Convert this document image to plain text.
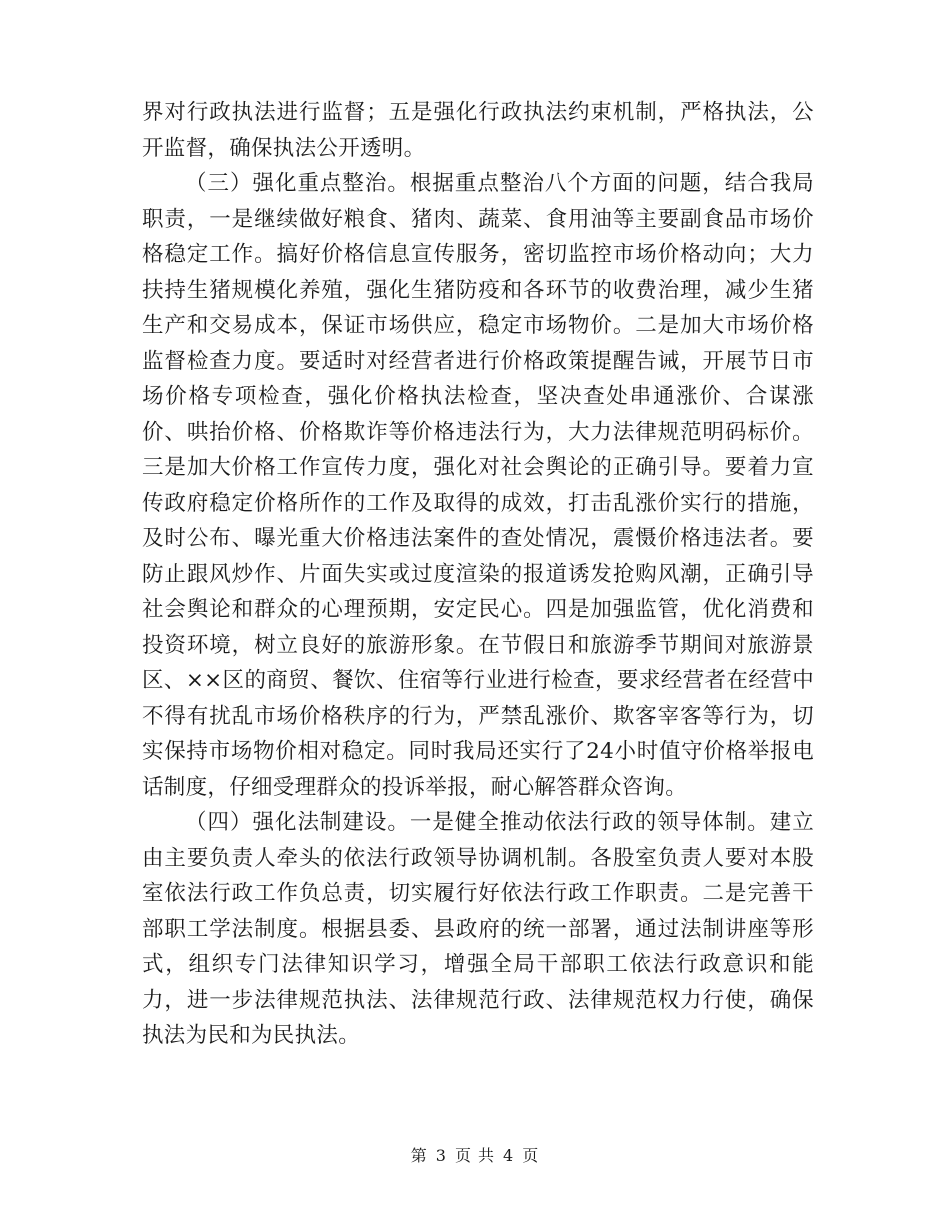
界对行政执法进行监督；五是强化行政执法约束机制，严格执法，公开监督，确保执法公开透明。

（三）强化重点整治。根据重点整治八个方面的问题，结合我局职责，一是继续做好粮食、猪肉、蔬菜、食用油等主要副食品市场价格稳定工作。搞好价格信息宣传服务，密切监控市场价格动向；大力扶持生猪规模化养殖，强化生猪防疫和各环节的收费治理，减少生猪生产和交易成本，保证市场供应，稳定市场物价。二是加大市场价格监督检查力度。要适时对经营者进行价格政策提醒告诫，开展节日市场价格专项检查，强化价格执法检查，坚决查处串通涨价、合谋涨价、哄抬价格、价格欺诈等价格违法行为，大力法律规范明码标价。三是加大价格工作宣传力度，强化对社会舆论的正确引导。要着力宣传政府稳定价格所作的工作及取得的成效，打击乱涨价实行的措施，及时公布、曝光重大价格违法案件的查处情况，震慑价格违法者。要防止跟风炒作、片面失实或过度渲染的报道诱发抢购风潮，正确引导社会舆论和群众的心理预期，安定民心。四是加强监管，优化消费和投资环境，树立良好的旅游形象。在节假日和旅游季节期间对旅游景区、××区的商贸、餐饮、住宿等行业进行检查，要求经营者在经营中不得有扰乱市场价格秩序的行为，严禁乱涨价、欺客宰客等行为，切实保持市场物价相对稳定。同时我局还实行了24小时值守价格举报电话制度，仔细受理群众的投诉举报，耐心解答群众咨询。

（四）强化法制建设。一是健全推动依法行政的领导体制。建立由主要负责人牵头的依法行政领导协调机制。各股室负责人要对本股室依法行政工作负总责，切实履行好依法行政工作职责。二是完善干部职工学法制度。根据县委、县政府的统一部署，通过法制讲座等形式，组织专门法律知识学习，增强全局干部职工依法行政意识和能力，进一步法律规范执法、法律规范行政、法律规范权力行使，确保执法为民和为民执法。

第 3 页 共 4 页
